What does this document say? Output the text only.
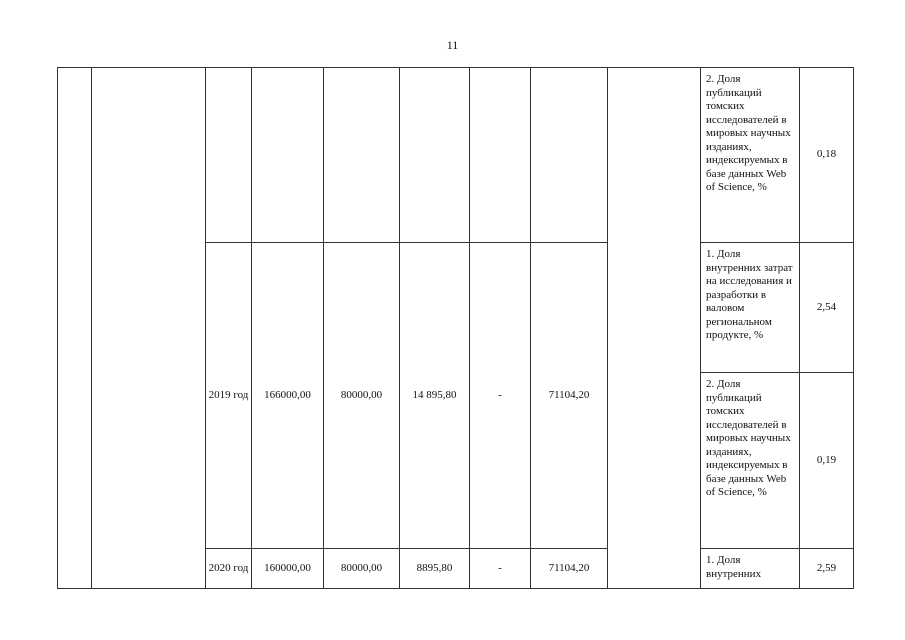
11
									2. Доля публикаций томских исследователей в мировых научных изданиях, индексируемых в базе данных Web of Science, %	0,18
		2019 год	166000,00	80000,00	14 895,80	-	71104,20		1. Доля внутренних затрат на исследования и разработки в валовом региональном продукте, %	2,54
									2. Доля публикаций томских исследователей в мировых научных изданиях, индексируемых в базе данных Web of Science, %	0,19
		2020 год	160000,00	80000,00	8895,80	-	71104,20		1. Доля внутренних	2,59
